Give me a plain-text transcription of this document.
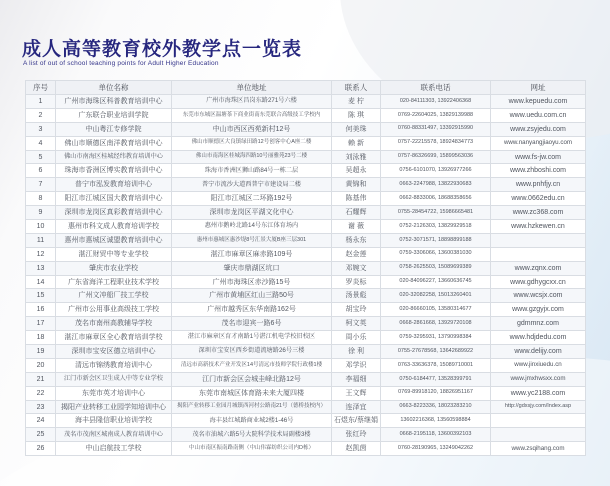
成人高等教育校外教学点一览表
A list of out of school teaching points for Adult Higher Education
序号	单位名称	单位地址	联系人	联系电话	网址
1	广州市海珠区科普教育培训中心	广州市海珠区昌岗东路271号六楼	麦 柠	020-84111303, 13922406368	www.kepuedu.com
2	广东联合职业培训学院	东莞市东城区温塘茶下商业街南东莞联合高级技工学校内	陈 琪	0769-22604025, 13829139988	www.uedu.com.cn
3	中山粤江专修学院	中山市西区西苑新村12号	何美珠	0760-88331497, 13392915990	www.zsyjedu.com
4	佛山市顺德区南洋教育培训中心	佛山市顺德区大良镇绿田路12号创客中心A座二楼	赖 新	0757-22215578, 18924834773	www.nanyangjiaoyu.com
5	佛山市南海区桂城经纬教育培训中心	佛山市南海区桂城海四路10号丽雅苑23号二楼	刘泳雅	0757-86326699, 15899563036	www.fs-jw.com
6	珠海市香洲区博实教育培训中心	珠海市香洲区狮山路84号一栋二层	吴超永	0756-6101070, 13926977266	www.zhboshi.com
7	普宁市泓发教育培训中心	普宁市流沙大道西普宁市建设局二楼	黄锦和	0663-2247988, 13822930683	www.pnhfjy.cn
8	阳江市江城区国大教育培训中心	阳江市江城区二环路192号	陈基伟	0662-8833006, 18688358656	www.0662edu.cn
9	深圳市龙岗区真彩教育培训中心	深圳市龙岗区平湖文化中心	石耀辉	0755-28454722, 15986665481	www.zc368.com
10	惠州市科文成人教育培训学校	惠州市鹅岭北路14号东江体育场内	谢 薇	0752-2126303, 13829929518	www.hzkewen.cn
11	惠州市惠城区诚盟教育培训中心	惠州市惠城区惠沙堤8号汇景大厦B座三层301	杨永东	0752-3071571, 18898899188	
12	湛江财贸中等专业学校	湛江市麻章区麻赤路109号	赵金莲	0759-3306066, 13600381030	
13	肇庆市农业学校	肇庆市鼎湖区坑口	邓婉文	0758-2625503, 15089699389	www.zqnx.com
14	广东省海洋工程职业技术学校	广州市海珠区赤沙路15号	罗炎标	020-84096227, 13660636745	www.gdhygcxx.cn
15	广州文冲船厂技工学校	广州市黄埔区红山三路50号	汤景彪	020-32082258, 15013260401	www.wcsjx.com
16	广州市公用事业高级技工学校	广州市越秀区东华南路162号	胡宝玲	020-86660105, 13580314677	www.gzgyjx.com
17	茂名市南州高教辅导学校	茂名市迎宾一路6号	柯文英	0668-2861668, 13929720108	gdmmnz.com
18	湛江市麻章区全心教育培训学校	湛江市麻章区育才南路1号湛江机电学校旧校区	周小乐	0759-3295931, 13790998384	www.hdjdedu.com
19	深圳市宝安区德立培训中心	深圳市宝安区西乡街道流塘路26号三楼	徐 利	0755-27678568, 13642689922	www.delijy.com
20	清远市锦绣教育培训中心	清远市高新技术产业开发区14号清远市技师学院行政楼1楼	邓学识	0763-33636378, 15089710001	www.jinxiuedu.cn
21	江门市新会区卫生成人中等专业学校	江门市新会区会城圭峰北路12号	李福细	0750-6184477, 13528399791	www.jmxhwsxx.com
22	东莞市英才培训中心	东莞市南城区体育路未来大厦四楼	王文辉	0769-89918120, 18826951167	www.yc2188.com
23	揭阳产业转移工业园学知培训中心	揭阳产业转移工业园月城镇西河村公路南21号（德桥技校内）	连泽宜	0663-8223336, 18023283210	http://gdxsjy.com/Index.asp
24	海丰县隆信职业培训学校	海丰县红城路商业城2楼1-46号	石煜东/蔡继娟	13602216368, 13560598884	
25	茂名市茂南区城南成人教育培训中心	茂名市油城六路5号大院科学技术局副楼3楼	张红玲	0668-2195118, 13600392103	
26	中山启航技工学校	中山市南区振南路南侧（中山伟霖纺织公司内D栋）	赵凯茵	0760-28190965, 13249042262	www.zsqihang.com
